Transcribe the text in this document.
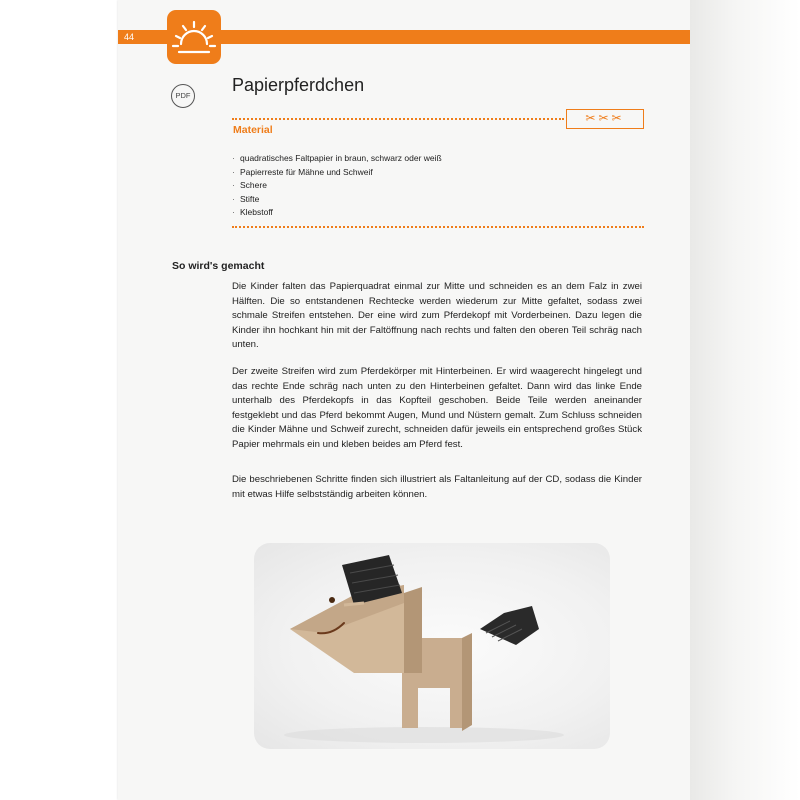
44
PDF
Papierpferdchen
✂✂✂
Material
· quadratisches Faltpapier in braun, schwarz oder weiß
· Papierreste für Mähne und Schweif
· Schere
· Stifte
· Klebstoff
So wird's gemacht

Die Kinder falten das Papierquadrat einmal zur Mitte und schneiden es an dem Falz in zwei Hälften. Die so entstandenen Rechtecke werden wiederum zur Mitte gefaltet, sodass zwei schmale Streifen entstehen. Der eine wird zum Pferdekopf mit Vorderbeinen. Dazu legen die Kinder ihn hochkant hin mit der Faltöffnung nach rechts und falten den oberen Teil schräg nach unten.

Der zweite Streifen wird zum Pferdekörper mit Hinterbeinen. Er wird waagerecht hingelegt und das rechte Ende schräg nach unten zu den Hinterbeinen gefaltet. Dann wird das linke Ende unterhalb des Pferdekopfs in das Kopfteil geschoben. Beide Teile werden aneinander festgeklebt und das Pferd bekommt Augen, Mund und Nüstern gemalt. Zum Schluss schneiden die Kinder Mähne und Schweif zurecht, schneiden dafür jeweils ein entsprechend großes Stück Papier mehrmals ein und kleben beides am Pferd fest.

Die beschriebenen Schritte finden sich illustriert als Faltanleitung auf der CD, sodass die Kinder mit etwas Hilfe selbstständig arbeiten können.
